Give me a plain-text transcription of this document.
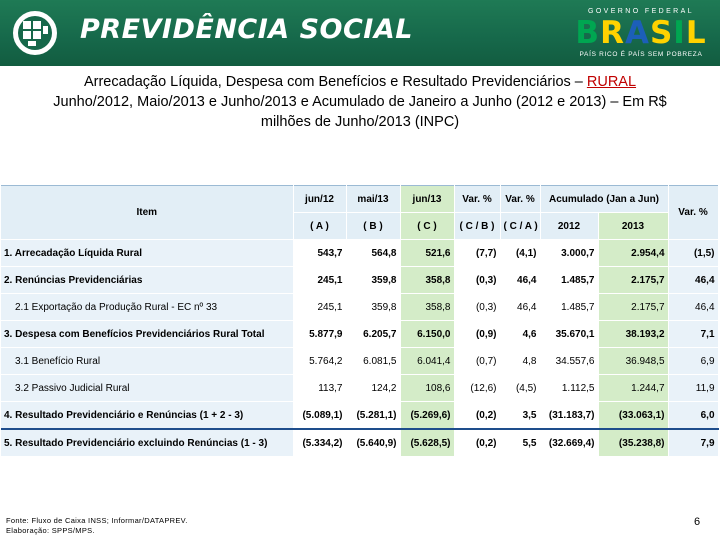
PREVIDÊNCIA SOCIAL
GOVERNO FEDERAL
BRASIL
PAÍS RICO É PAÍS SEM POBREZA
Arrecadação Líquida, Despesa com Benefícios e Resultado Previdenciários – RURAL
Junho/2012, Maio/2013 e Junho/2013 e Acumulado de Janeiro a Junho (2012 e 2013) – Em R$
milhões de Junho/2013 (INPC)
Item	jun/12	mai/13	jun/13	Var. %	Var. %	Acumulado (Jan a Jun)		Var. %
	( A )	( B )	( C )	( C / B )	( C / A )	2012	2013	
1. Arrecadação Líquida Rural	543,7	564,8	521,6	(7,7)	(4,1)	3.000,7	2.954,4	(1,5)
2. Renúncias Previdenciárias	245,1	359,8	358,8	(0,3)	46,4	1.485,7	2.175,7	46,4
2.1 Exportação da Produção Rural - EC nº 33	245,1	359,8	358,8	(0,3)	46,4	1.485,7	2.175,7	46,4
3. Despesa com Benefícios Previdenciários Rural Total	5.877,9	6.205,7	6.150,0	(0,9)	4,6	35.670,1	38.193,2	7,1
3.1 Benefício Rural	5.764,2	6.081,5	6.041,4	(0,7)	4,8	34.557,6	36.948,5	6,9
3.2 Passivo Judicial Rural	113,7	124,2	108,6	(12,6)	(4,5)	1.112,5	1.244,7	11,9
4. Resultado Previdenciário e Renúncias (1 + 2 - 3)	(5.089,1)	(5.281,1)	(5.269,6)	(0,2)	3,5	(31.183,7)	(33.063,1)	6,0
5. Resultado Previdenciário excluindo Renúncias (1 - 3)	(5.334,2)	(5.640,9)	(5.628,5)	(0,2)	5,5	(32.669,4)	(35.238,8)	7,9
Fonte: Fluxo de Caixa INSS; Informar/DATAPREV.
Elaboração: SPPS/MPS.
6
